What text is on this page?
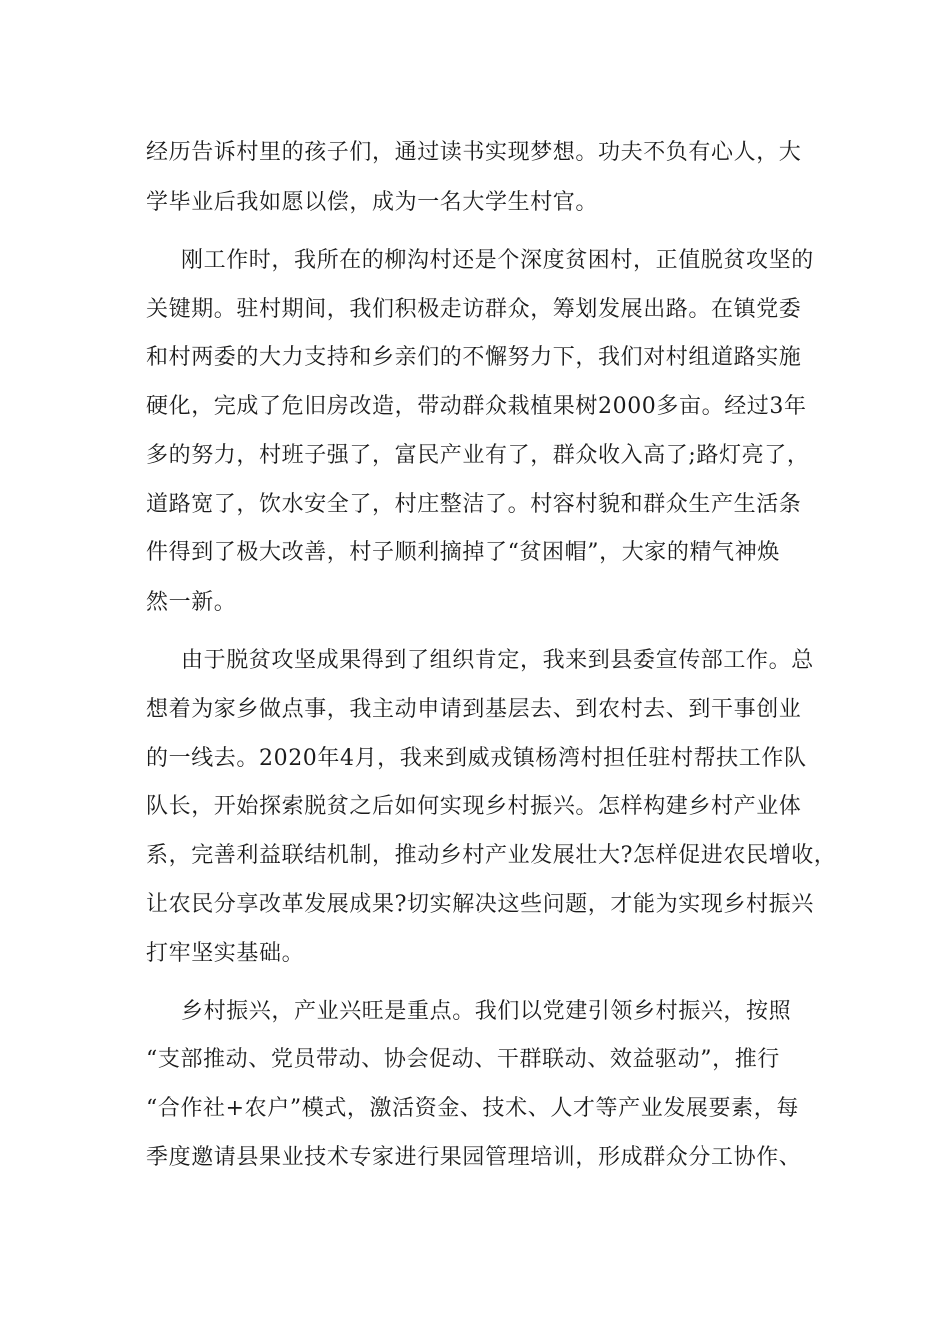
经历告诉村里的孩子们，通过读书实现梦想。功夫不负有心人，大
学毕业后我如愿以偿，成为一名大学生村官。
刚工作时，我所在的柳沟村还是个深度贫困村，正值脱贫攻坚的
关键期。驻村期间，我们积极走访群众，筹划发展出路。在镇党委
和村两委的大力支持和乡亲们的不懈努力下，我们对村组道路实施
硬化，完成了危旧房改造，带动群众栽植果树2000多亩。经过3年
多的努力，村班子强了，富民产业有了，群众收入高了;路灯亮了，
道路宽了，饮水安全了，村庄整洁了。村容村貌和群众生产生活条
件得到了极大改善，村子顺利摘掉了“贫困帽”，大家的精气神焕
然一新。
由于脱贫攻坚成果得到了组织肯定，我来到县委宣传部工作。总
想着为家乡做点事，我主动申请到基层去、到农村去、到干事创业
的一线去。2020年4月，我来到威戎镇杨湾村担任驻村帮扶工作队
队长，开始探索脱贫之后如何实现乡村振兴。怎样构建乡村产业体
系，完善利益联结机制，推动乡村产业发展壮大?怎样促进农民增收，
让农民分享改革发展成果?切实解决这些问题，才能为实现乡村振兴
打牢坚实基础。
乡村振兴，产业兴旺是重点。我们以党建引领乡村振兴，按照
“支部推动、党员带动、协会促动、干群联动、效益驱动”，推行
“合作社+农户”模式，激活资金、技术、人才等产业发展要素，每
季度邀请县果业技术专家进行果园管理培训，形成群众分工协作、
